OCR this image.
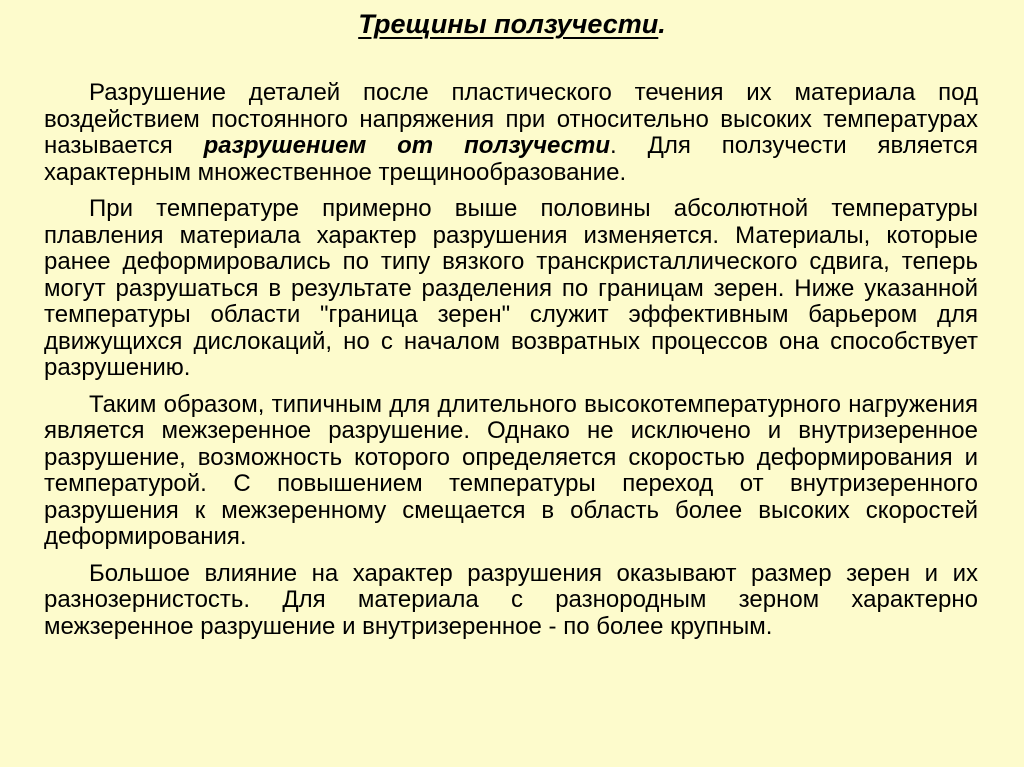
Трещины ползучести.

Разрушение деталей после пластического течения их материала под воздействием постоянного напряжения при относительно высоких температурах называется разрушением от ползучести. Для ползучести является характерным множественное трещинообразование.

При температуре примерно выше половины абсолютной температуры плавления материала характер разрушения изменяется. Материалы, которые ранее деформировались по типу вязкого транскристаллического сдвига, теперь могут разрушаться в результате разделения по границам зерен. Ниже указанной температуры области "граница зерен" служит эффективным барьером для движущихся дислокаций, но с началом возвратных процессов она способствует разрушению.

Таким образом, типичным для длительного высокотемпературного нагружения является межзеренное разрушение. Однако не исключено и внутризеренное разрушение, возможность которого определяется скоростью деформирования и температурой. С повышением температуры переход от внутризеренного разрушения к межзеренному смещается в область более высоких скоростей деформирования.

Большое влияние на характер разрушения оказывают размер зерен и их разнозернистость. Для материала с разнородным зерном характерно межзеренное разрушение и внутризеренное - по более крупным.
